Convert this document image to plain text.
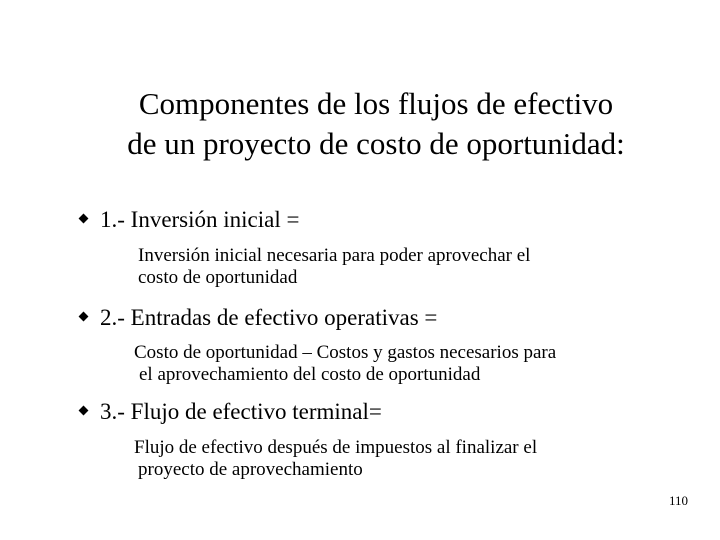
Componentes de los flujos de efectivo
de un proyecto de costo de oportunidad:
1.- Inversión inicial =
Inversión inicial necesaria para poder aprovechar el
costo de oportunidad
2.- Entradas de efectivo operativas =
Costo de oportunidad – Costos y gastos necesarios para
el aprovechamiento del costo de oportunidad
3.- Flujo de efectivo terminal=
Flujo de efectivo después de impuestos al finalizar el
proyecto de aprovechamiento
110
